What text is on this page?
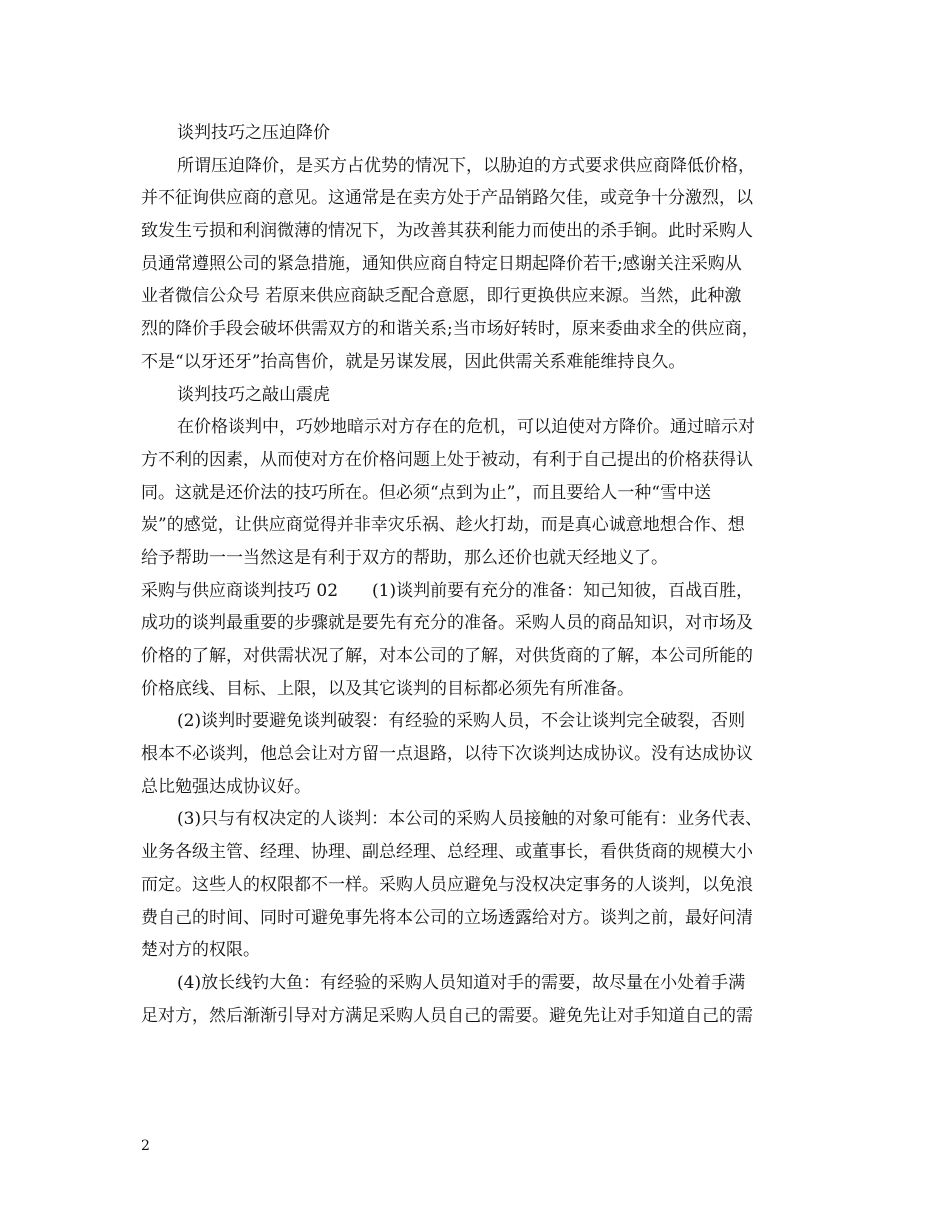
谈判技巧之压迫降价
所谓压迫降价，是买方占优势的情况下，以胁迫的方式要求供应商降低价格，
并不征询供应商的意见。这通常是在卖方处于产品销路欠佳，或竞争十分激烈，以
致发生亏损和利润微薄的情况下，为改善其获利能力而使出的杀手锏。此时采购人
员通常遵照公司的紧急措施，通知供应商自特定日期起降价若干;感谢关注采购从
业者微信公众号 若原来供应商缺乏配合意愿，即行更换供应来源。当然，此种激
烈的降价手段会破坏供需双方的和谐关系;当市场好转时，原来委曲求全的供应商，
不是“以牙还牙”抬高售价，就是另谋发展，因此供需关系难能维持良久。
谈判技巧之敲山震虎
在价格谈判中，巧妙地暗示对方存在的危机，可以迫使对方降价。通过暗示对
方不利的因素，从而使对方在价格问题上处于被动，有利于自己提出的价格获得认
同。这就是还价法的技巧所在。但必须“点到为止”，而且要给人一种“雪中送
炭”的感觉，让供应商觉得并非幸灾乐祸、趁火打劫，而是真心诚意地想合作、想
给予帮助一一当然这是有利于双方的帮助，那么还价也就天经地义了。
采购与供应商谈判技巧 02　　(1)谈判前要有充分的准备：知己知彼，百战百胜，
成功的谈判最重要的步骤就是要先有充分的准备。采购人员的商品知识，对市场及
价格的了解，对供需状况了解，对本公司的了解，对供货商的了解，本公司所能的
价格底线、目标、上限，以及其它谈判的目标都必须先有所准备。
(2)谈判时要避免谈判破裂：有经验的采购人员，不会让谈判完全破裂，否则
根本不必谈判，他总会让对方留一点退路，以待下次谈判达成协议。没有达成协议
总比勉强达成协议好。
(3)只与有权决定的人谈判：本公司的采购人员接触的对象可能有：业务代表、
业务各级主管、经理、协理、副总经理、总经理、或董事长，看供货商的规模大小
而定。这些人的权限都不一样。采购人员应避免与没权决定事务的人谈判，以免浪
费自己的时间、同时可避免事先将本公司的立场透露给对方。谈判之前，最好问清
楚对方的权限。
(4)放长线钓大鱼：有经验的采购人员知道对手的需要，故尽量在小处着手满
足对方，然后渐渐引导对方满足采购人员自己的需要。避免先让对手知道自己的需
2
